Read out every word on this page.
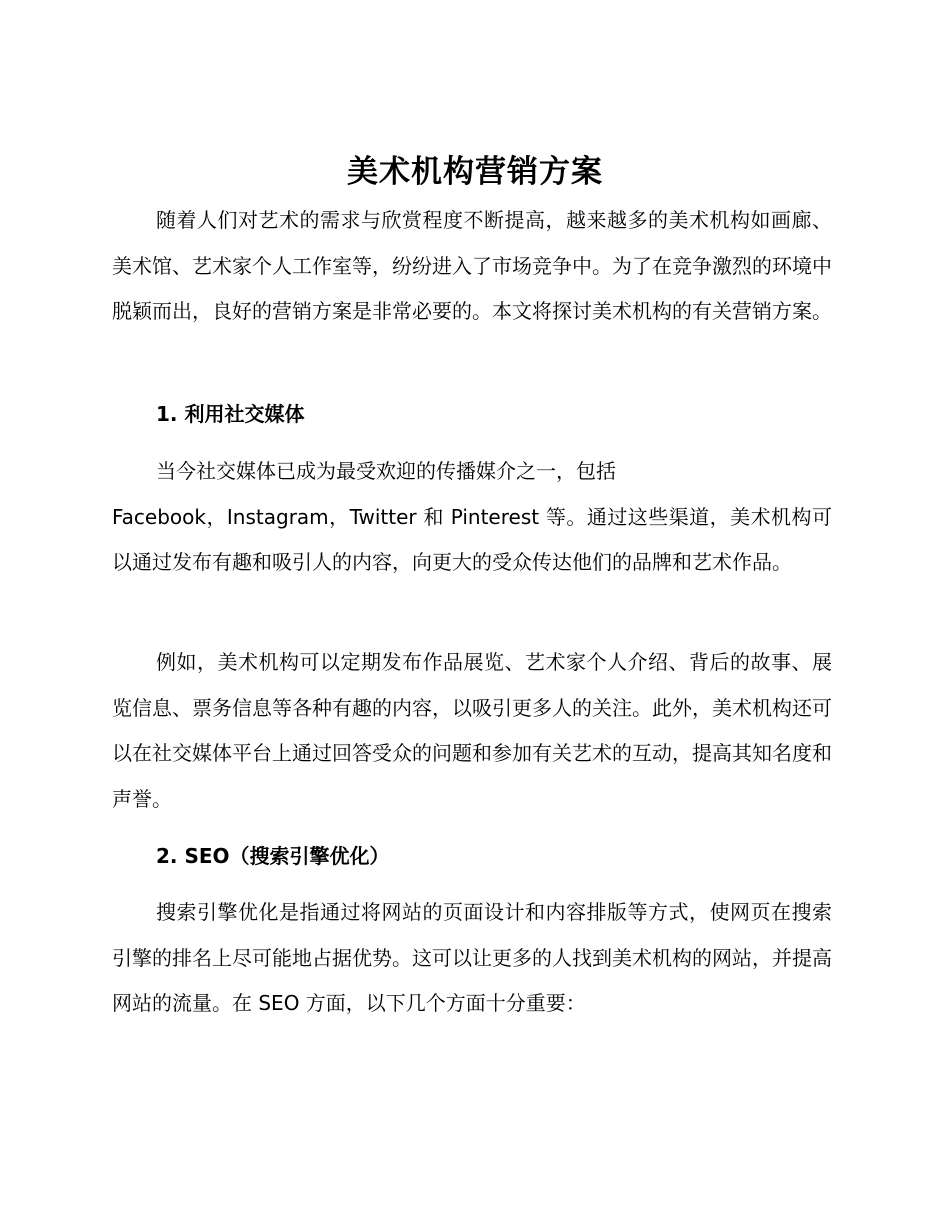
美术机构营销方案

随着人们对艺术的需求与欣赏程度不断提高，越来越多的美术机构如画廊、美术馆、艺术家个人工作室等，纷纷进入了市场竞争中。为了在竞争激烈的环境中脱颖而出，良好的营销方案是非常必要的。本文将探讨美术机构的有关营销方案。

1. 利用社交媒体

当今社交媒体已成为最受欢迎的传播媒介之一，包括
Facebook，Instagram，Twitter 和 Pinterest 等。通过这些渠道，美术机构可以通过发布有趣和吸引人的内容，向更大的受众传达他们的品牌和艺术作品。

例如，美术机构可以定期发布作品展览、艺术家个人介绍、背后的故事、展览信息、票务信息等各种有趣的内容，以吸引更多人的关注。此外，美术机构还可以在社交媒体平台上通过回答受众的问题和参加有关艺术的互动，提高其知名度和声誉。

2. SEO（搜索引擎优化）

搜索引擎优化是指通过将网站的页面设计和内容排版等方式，使网页在搜索引擎的排名上尽可能地占据优势。这可以让更多的人找到美术机构的网站，并提高网站的流量。在 SEO 方面，以下几个方面十分重要：
